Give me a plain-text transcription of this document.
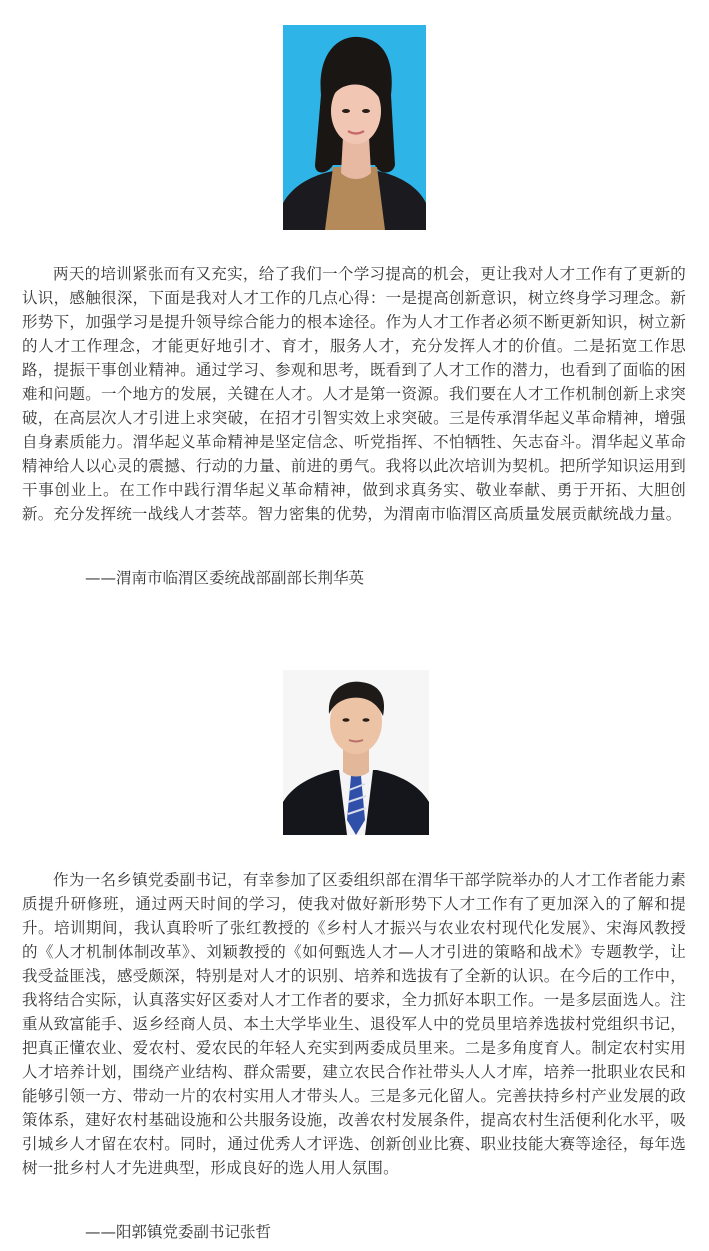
两天的培训紧张而有又充实，给了我们一个学习提高的机会，更让我对人才工作有了更新的认识，感触很深，下面是我对人才工作的几点心得：一是提高创新意识，树立终身学习理念。新形势下，加强学习是提升领导综合能力的根本途径。作为人才工作者必须不断更新知识，树立新的人才工作理念，才能更好地引才、育才，服务人才，充分发挥人才的价值。二是拓宽工作思路，提振干事创业精神。通过学习、参观和思考，既看到了人才工作的潜力，也看到了面临的困难和问题。一个地方的发展，关键在人才。人才是第一资源。我们要在人才工作机制创新上求突破，在高层次人才引进上求突破，在招才引智实效上求突破。三是传承渭华起义革命精神，增强自身素质能力。渭华起义革命精神是坚定信念、听党指挥、不怕牺牲、矢志奋斗。渭华起义革命精神给人以心灵的震撼、行动的力量、前进的勇气。我将以此次培训为契机。把所学知识运用到干事创业上。在工作中践行渭华起义革命精神，做到求真务实、敬业奉献、勇于开拓、大胆创新。充分发挥统一战线人才荟萃。智力密集的优势，为渭南市临渭区高质量发展贡献统战力量。

——渭南市临渭区委统战部副部长荆华英

作为一名乡镇党委副书记，有幸参加了区委组织部在渭华干部学院举办的人才工作者能力素质提升研修班，通过两天时间的学习，使我对做好新形势下人才工作有了更加深入的了解和提升。培训期间，我认真聆听了张红教授的《乡村人才振兴与农业农村现代化发展》、宋海风教授的《人才机制体制改革》、刘颖教授的《如何甄选人才—人才引进的策略和战术》专题教学，让我受益匪浅，感受颇深，特别是对人才的识别、培养和选拔有了全新的认识。在今后的工作中，我将结合实际，认真落实好区委对人才工作者的要求，全力抓好本职工作。一是多层面选人。注重从致富能手、返乡经商人员、本土大学毕业生、退役军人中的党员里培养选拔村党组织书记，把真正懂农业、爱农村、爱农民的年轻人充实到两委成员里来。二是多角度育人。制定农村实用人才培养计划，围绕产业结构、群众需要，建立农民合作社带头人人才库，培养一批职业农民和能够引领一方、带动一片的农村实用人才带头人。三是多元化留人。完善扶持乡村产业发展的政策体系，建好农村基础设施和公共服务设施，改善农村发展条件，提高农村生活便利化水平，吸引城乡人才留在农村。同时，通过优秀人才评选、创新创业比赛、职业技能大赛等途径，每年选树一批乡村人才先进典型，形成良好的选人用人氛围。

——阳郭镇党委副书记张哲
